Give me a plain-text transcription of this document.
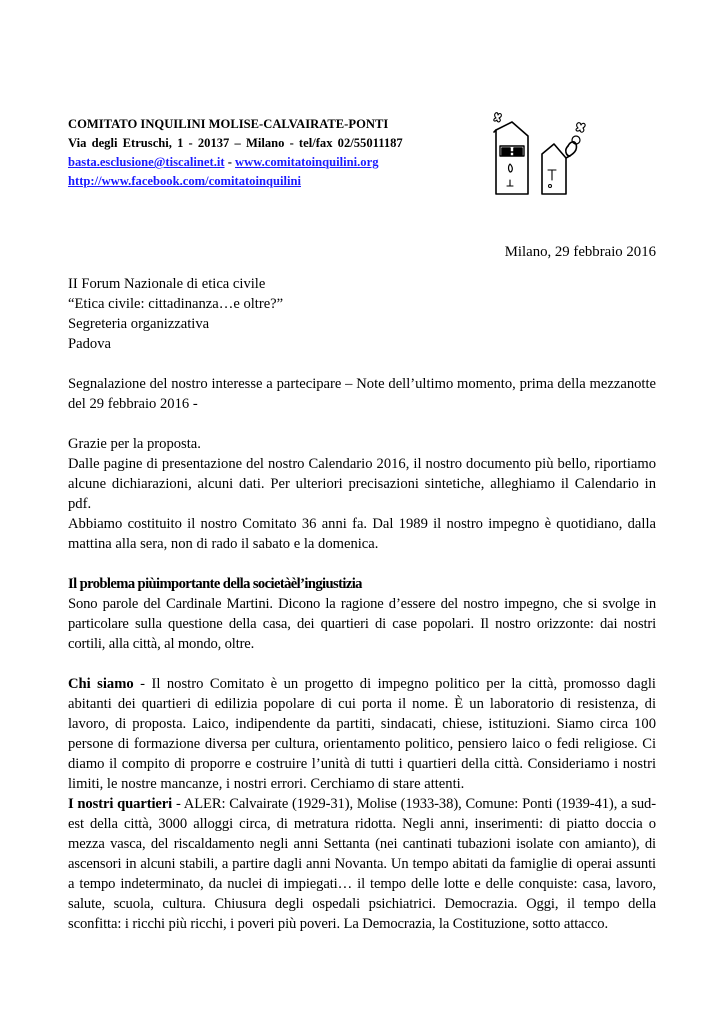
COMITATO INQUILINI MOLISE-CALVAIRATE-PONTI
Via degli Etruschi, 1 - 20137 – Milano - tel/fax 02/55011187
basta.esclusione@tiscalinet.it - www.comitatoinquilini.org
http://www.facebook.com/comitatoinquilini
Milano, 29 febbraio 2016

II Forum Nazionale di etica civile

“Etica civile: cittadinanza…e oltre?”

Segreteria organizzativa

Padova

Segnalazione del nostro interesse a partecipare – Note dell’ultimo momento, prima della mezzanotte del 29 febbraio 2016 -

Grazie per la proposta.

Dalle pagine di presentazione del nostro Calendario 2016, il nostro documento più bello, riportiamo alcune dichiarazioni, alcuni dati. Per ulteriori precisazioni sintetiche, alleghiamo il Calendario in pdf.

Abbiamo costituito il nostro Comitato 36 anni fa. Dal 1989 il nostro impegno è quotidiano, dalla mattina alla sera, non di rado il sabato e la domenica.

Il problema piùimportante della societàèl’ingiustizia

Sono parole del Cardinale Martini. Dicono la ragione d’essere del nostro impegno, che si svolge in particolare sulla questione della casa, dei quartieri di case popolari. Il nostro orizzonte: dai nostri cortili, alla città, al mondo, oltre.

Chi siamo - Il nostro Comitato è un progetto di impegno politico per la città, promosso dagli abitanti dei quartieri di edilizia popolare di cui porta il nome. È un laboratorio di resistenza, di lavoro, di proposta. Laico, indipendente da partiti, sindacati, chiese, istituzioni. Siamo circa 100 persone di formazione diversa per cultura, orientamento politico, pensiero laico o fedi religiose. Ci diamo il compito di proporre e costruire l’unità di tutti i quartieri della città. Consideriamo i nostri limiti, le nostre mancanze, i nostri errori. Cerchiamo di stare attenti.

I nostri quartieri - ALER: Calvairate (1929-31), Molise (1933-38), Comune: Ponti (1939-41), a sud-est della città, 3000 alloggi circa, di metratura ridotta. Negli anni, inserimenti: di piatto doccia o mezza vasca, del riscaldamento negli anni Settanta (nei cantinati tubazioni isolate con amianto), di ascensori in alcuni stabili, a partire dagli anni Novanta. Un tempo abitati da famiglie di operai assunti a tempo indeterminato, da nuclei di impiegati… il tempo delle lotte e delle conquiste: casa, lavoro, salute, scuola, cultura. Chiusura degli ospedali psichiatrici. Democrazia. Oggi, il tempo della sconfitta: i ricchi più ricchi, i poveri più poveri. La Democrazia, la Costituzione, sotto attacco.
